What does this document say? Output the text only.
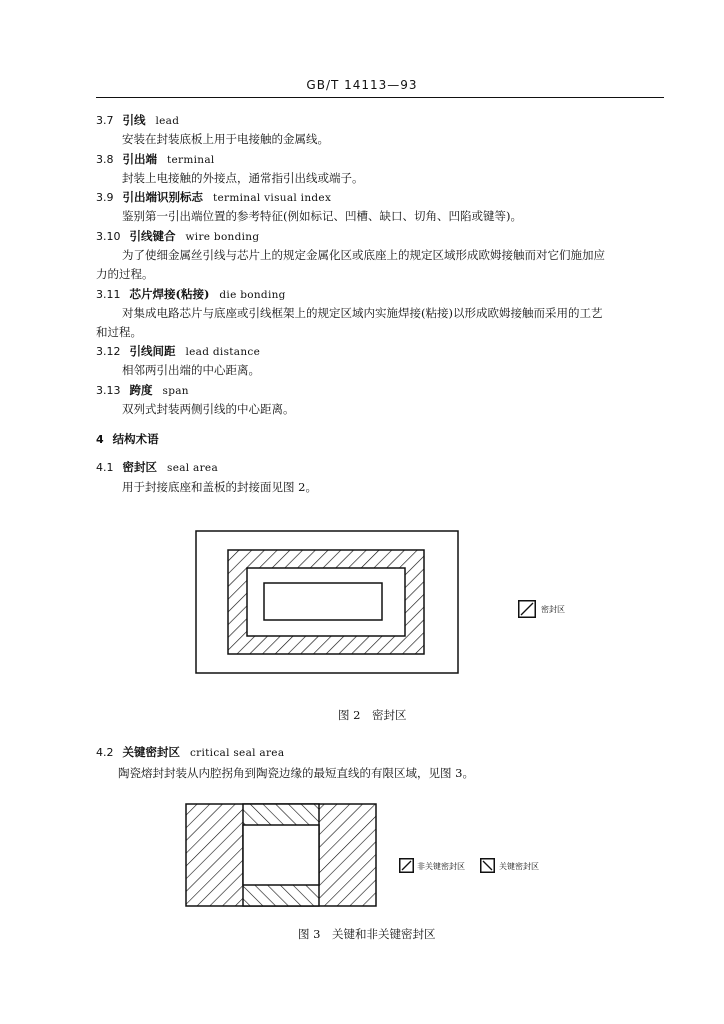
GB/T 14113—93
3.7 引线 lead
安装在封装底板上用于电接触的金属线。
3.8 引出端 terminal
封装上电接触的外接点，通常指引出线或端子。
3.9 引出端识别标志 terminal visual index
鉴别第一引出端位置的参考特征(例如标记、凹槽、缺口、切角、凹陷或键等)。
3.10 引线键合 wire bonding
为了使细金属丝引线与芯片上的规定金属化区或底座上的规定区域形成欧姆接触而对它们施加应
力的过程。
3.11 芯片焊接(粘接) die bonding
对集成电路芯片与底座或引线框架上的规定区域内实施焊接(粘接)以形成欧姆接触而采用的工艺
和过程。
3.12 引线间距 lead distance
相邻两引出端的中心距离。
3.13 跨度 span
双列式封装两侧引线的中心距离。
4 结构术语
4.1 密封区 seal area
用于封接底座和盖板的封接面见图 2。
密封区
图 2　密封区
4.2 关键密封区 critical seal area
陶瓷熔封封装从内腔拐角到陶瓷边缘的最短直线的有限区域，见图 3。
非关键密封区	关键密封区
图 3　关键和非关键密封区
